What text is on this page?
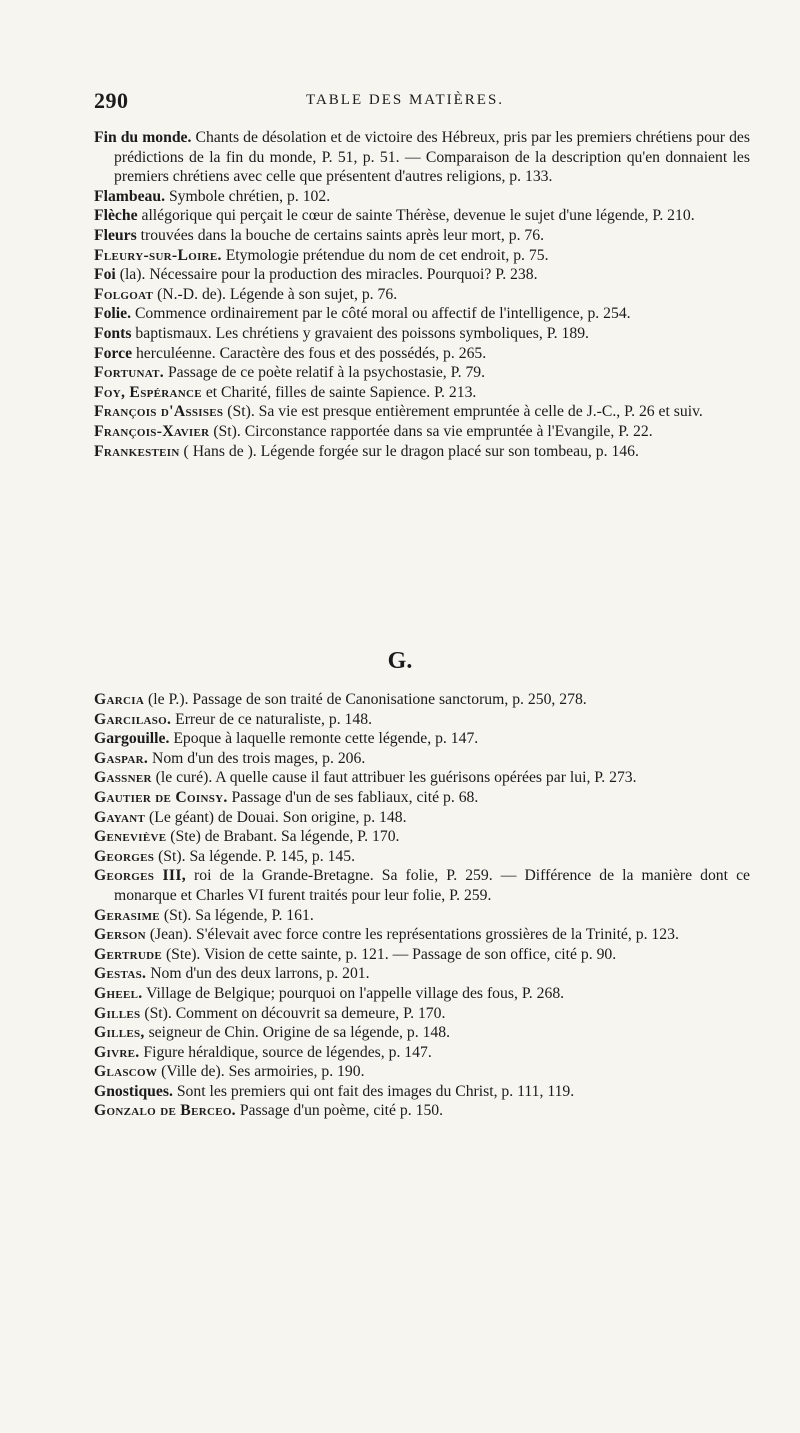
290	TABLE DES MATIÈRES.

Fin du monde. Chants de désolation et de victoire des Hébreux, pris par les premiers chrétiens pour des prédictions de la fin du monde, P. 51, p. 51. — Comparaison de la description qu'en donnaient les premiers chrétiens avec celle que présentent d'autres religions, p. 133.

Flambeau. Symbole chrétien, p. 102.

Flèche allégorique qui perçait le cœur de sainte Thérèse, devenue le sujet d'une légende, P. 210.

Fleurs trouvées dans la bouche de certains saints après leur mort, p. 76.

Fleury-sur-Loire. Etymologie prétendue du nom de cet endroit, p. 75.

Foi (la). Nécessaire pour la production des miracles. Pourquoi? P. 238.

Folgoat (N.-D. de). Légende à son sujet, p. 76.

Folie. Commence ordinairement par le côté moral ou affectif de l'intelligence, p. 254.

Fonts baptismaux. Les chrétiens y gravaient des poissons symboliques, P. 189.

Force herculéenne. Caractère des fous et des possédés, p. 265.

Fortunat. Passage de ce poète relatif à la psychostasie, P. 79.

Foy, Espérance et Charité, filles de sainte Sapience. P. 213.

François d'Assises (St). Sa vie est presque entièrement empruntée à celle de J.-C., P. 26 et suiv.

François-Xavier (St). Circonstance rapportée dans sa vie empruntée à l'Evangile, P. 22.

Frankestein ( Hans de ). Légende forgée sur le dragon placé sur son tombeau, p. 146.

G.

Garcia (le P.). Passage de son traité de Canonisatione sanctorum, p. 250, 278.

Garcilaso. Erreur de ce naturaliste, p. 148.

Gargouille. Epoque à laquelle remonte cette légende, p. 147.

Gaspar. Nom d'un des trois mages, p. 206.

Gassner (le curé). A quelle cause il faut attribuer les guérisons opérées par lui, P. 273.

Gautier de Coinsy. Passage d'un de ses fabliaux, cité p. 68.

Gayant (Le géant) de Douai. Son origine, p. 148.

Geneviève (Ste) de Brabant. Sa légende, P. 170.

Georges (St). Sa légende. P. 145, p. 145.

Georges III, roi de la Grande-Bretagne. Sa folie, P. 259. — Différence de la manière dont ce monarque et Charles VI furent traités pour leur folie, P. 259.

Gerasime (St). Sa légende, P. 161.

Gerson (Jean). S'élevait avec force contre les représentations grossières de la Trinité, p. 123.

Gertrude (Ste). Vision de cette sainte, p. 121. — Passage de son office, cité p. 90.

Gestas. Nom d'un des deux larrons, p. 201.

Gheel. Village de Belgique; pourquoi on l'appelle village des fous, P. 268.

Gilles (St). Comment on découvrit sa demeure, P. 170.

Gilles, seigneur de Chin. Origine de sa légende, p. 148.

Givre. Figure héraldique, source de légendes, p. 147.

Glascow (Ville de). Ses armoiries, p. 190.

Gnostiques. Sont les premiers qui ont fait des images du Christ, p. 111, 119.

Gonzalo de Berceo. Passage d'un poème, cité p. 150.
